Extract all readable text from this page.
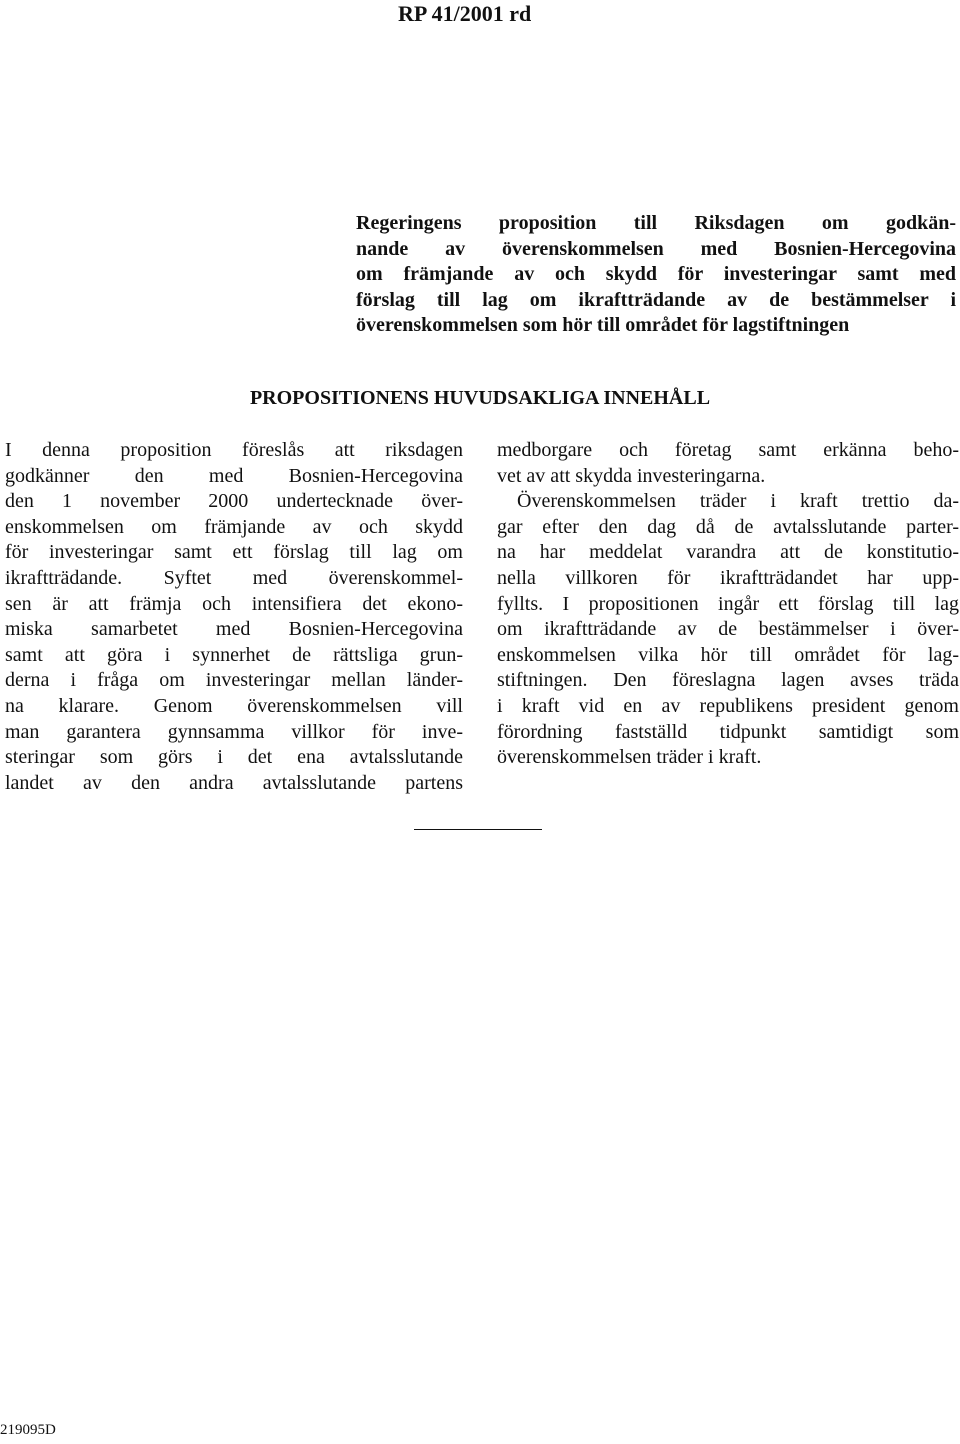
RP 41/2001 rd
Regeringens proposition till Riksdagen om godkän-
nande av överenskommelsen med Bosnien-Hercegovina
om främjande av och skydd för investeringar samt med
förslag till lag om ikraftträdande av de bestämmelser i
överenskommelsen som hör till området för lagstiftningen
PROPOSITIONENS HUVUDSAKLIGA INNEHÅLL
I denna proposition föreslås att riksdagen
godkänner den med Bosnien-Hercegovina
den 1 november 2000 undertecknade över-
enskommelsen om främjande av och skydd
för investeringar samt ett förslag till lag om
ikraftträdande. Syftet med överenskommel-
sen är att främja och intensifiera det ekono-
miska samarbetet med Bosnien-Hercegovina
samt att göra i synnerhet de rättsliga grun-
derna i fråga om investeringar mellan länder-
na klarare. Genom överenskommelsen vill
man garantera gynnsamma villkor för inve-
steringar som görs i det ena avtalsslutande
landet av den andra avtalsslutande partens
medborgare och företag samt erkänna beho-
vet av att skydda investeringarna.
Överenskommelsen träder i kraft trettio da-
gar efter den dag då de avtalsslutande parter-
na har meddelat varandra att de konstitutio-
nella villkoren för ikraftträdandet har upp-
fyllts. I propositionen ingår ett förslag till lag
om ikraftträdande av de bestämmelser i över-
enskommelsen vilka hör till området för lag-
stiftningen. Den föreslagna lagen avses träda
i kraft vid en av republikens president genom
förordning fastställd tidpunkt samtidigt som
överenskommelsen träder i kraft.
219095D
